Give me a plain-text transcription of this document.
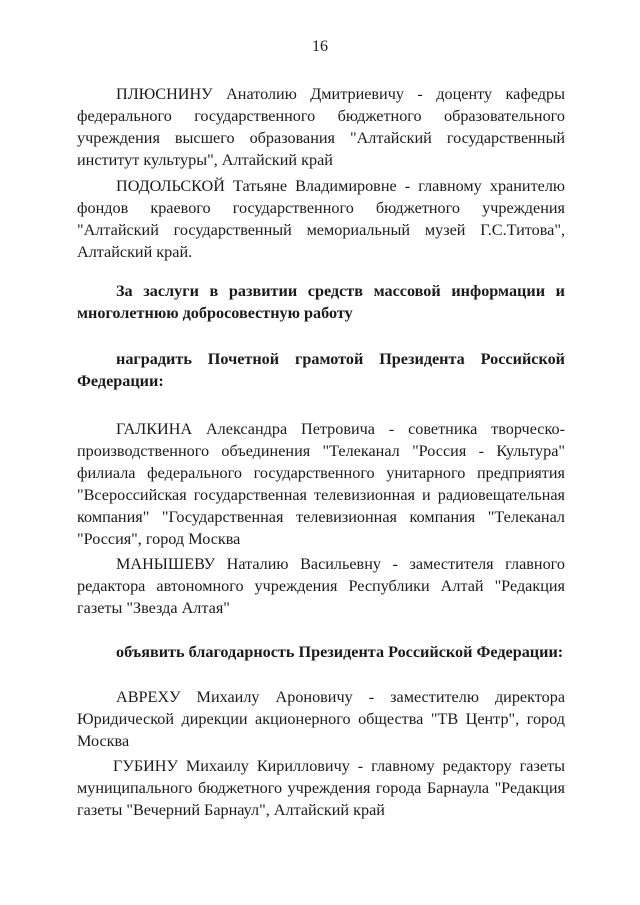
16

ПЛЮСНИНУ Анатолию Дмитриевичу - доценту кафедры федерального государственного бюджетного образовательного учреждения высшего образования "Алтайский государственный институт культуры", Алтайский край

ПОДОЛЬСКОЙ Татьяне Владимировне - главному хранителю фондов краевого государственного бюджетного учреждения "Алтайский государственный мемориальный музей Г.С.Титова", Алтайский край.

За заслуги в развитии средств массовой информации и многолетнюю добросовестную работу

наградить Почетной грамотой Президента Российской Федерации:

ГАЛКИНА Александра Петровича - советника творческо-производственного объединения "Телеканал "Россия - Культура" филиала федерального государственного унитарного предприятия "Всероссийская государственная телевизионная и радиовещательная компания" "Государственная телевизионная компания "Телеканал "Россия", город Москва

МАНЫШЕВУ Наталию Васильевну - заместителя главного редактора автономного учреждения Республики Алтай "Редакция газеты "Звезда Алтая"

объявить благодарность Президента Российской Федерации:

АВРЕХУ Михаилу Ароновичу - заместителю директора Юридической дирекции акционерного общества "ТВ Центр", город Москва

ГУБИНУ Михаилу Кирилловичу - главному редактору газеты муниципального бюджетного учреждения города Барнаула "Редакция газеты "Вечерний Барнаул", Алтайский край
